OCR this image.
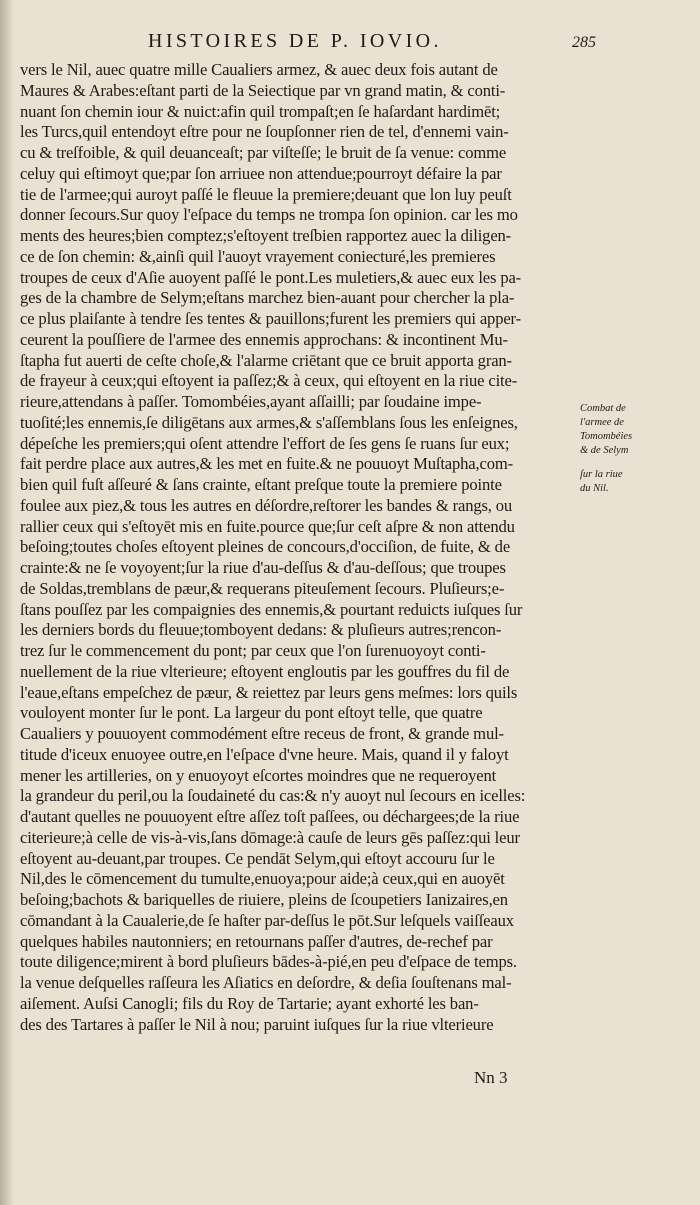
HISTOIRES DE P. IOVIO.	285
vers le Nil, auec quatre mille Caualiers armez, & auec deux fois autant de
Maures & Arabes:eſtant parti de la Seiectique par vn grand matin, & conti-
nuant ſon chemin iour & nuict:afin quil trompaſt;en ſe haſardant hardimēt;
les Turcs,quil entendoyt eſtre pour ne ſoupſonner rien de tel, d'ennemi vain-
cu & treſfoible, & quil deuanceaſt; par viſteſſe; le bruit de ſa venue: comme
celuy qui eſtimoyt que;par ſon arriuee non attendue;pourroyt défaire la par
tie de l'armee;qui auroyt paſſé le fleuue la premiere;deuant que lon luy peuſt
donner ſecours.Sur quoy l'eſpace du temps ne trompa ſon opinion. car les mo
ments des heures;bien comptez;s'eſtoyent treſbien rapportez auec la diligen-
ce de ſon chemin: &,ainſi quil l'auoyt vrayement coniecturé,les premieres
troupes de ceux d'Aſie auoyent paſſé le pont.Les muletiers,& auec eux les pa-
ges de la chambre de Selym;eſtans marchez bien-auant pour chercher la pla-
ce plus plaiſante à tendre ſes tentes & pauillons;furent les premiers qui apper-
ceurent la pouſſiere de l'armee des ennemis approchans: & incontinent Mu-
ſtapha fut auerti de ceſte choſe,& l'alarme criētant que ce bruit apporta gran-
de frayeur à ceux;qui eſtoyent ia paſſez;& à ceux, qui eſtoyent en la riue cite-
rieure,attendans à paſſer. Tomombéies,ayant aſſailli; par ſoudaine impe-
tuoſité;les ennemis,ſe diligētans aux armes,& s'aſſemblans ſous les enſeignes,
dépeſche les premiers;qui oſent attendre l'effort de ſes gens ſe ruans ſur eux;
fait perdre place aux autres,& les met en fuite.& ne pouuoyt Muſtapha,com-
bien quil fuſt aſſeuré & ſans crainte, eſtant preſque toute la premiere pointe
foulee aux piez,& tous les autres en déſordre,reſtorer les bandes & rangs, ou
rallier ceux qui s'eſtoyēt mis en fuite.pource que;ſur ceſt aſpre & non attendu
beſoing;toutes choſes eſtoyent pleines de concours,d'occiſion, de fuite, & de
crainte:& ne ſe voyoyent;ſur la riue d'au-deſſus & d'au-deſſous; que troupes
de Soldas,tremblans de pæur,& requerans piteuſement ſecours. Pluſieurs;e-
ſtans pouſſez par les compaignies des ennemis,& pourtant reduicts iuſques ſur
les derniers bords du fleuue;tomboyent dedans: & pluſieurs autres;rencon-
trez ſur le commencement du pont; par ceux que l'on ſurenuoyoyt conti-
nuellement de la riue vlterieure; eſtoyent engloutis par les gouffres du fil de
l'eaue,eſtans empeſchez de pæur, & reiettez par leurs gens meſmes: lors quils
vouloyent monter ſur le pont. La largeur du pont eſtoyt telle, que quatre
Caualiers y pouuoyent commodément eſtre receus de front, & grande mul-
titude d'iceux enuoyee outre,en l'eſpace d'vne heure. Mais, quand il y faloyt
mener les artilleries, on y enuoyoyt eſcortes moindres que ne requeroyent
la grandeur du peril,ou la ſoudaineté du cas:& n'y auoyt nul ſecours en icelles:
d'autant quelles ne pouuoyent eſtre aſſez toſt paſſees, ou déchargees;de la riue
citerieure;à celle de vis-à-vis,ſans dōmage:à cauſe de leurs gēs paſſez:qui leur
eſtoyent au-deuant,par troupes. Ce pendāt Selym,qui eſtoyt accouru ſur le
Nil,des le cōmencement du tumulte,enuoya;pour aide;à ceux,qui en auoyēt
beſoing;bachots & bariquelles de riuiere, pleins de ſcoupetiers Ianizaires,en
cōmandant à la Caualerie,de ſe haſter par-deſſus le pōt.Sur leſquels vaiſſeaux
quelques habiles nautonniers; en retournans paſſer d'autres, de-rechef par
toute diligence;mirent à bord pluſieurs bādes-à-pié,en peu d'eſpace de temps.
la venue deſquelles raſſeura les Aſiatics en deſordre, & deſia ſouſtenans mal-
aiſement. Auſsi Canogli; fils du Roy de Tartarie; ayant exhorté les ban-
des des Tartares à paſſer le Nil à nou; paruint iuſques ſur la riue vlterieure
Combat de
l'armee de
Tomombéies
& de Selym
ſur la riue
du Nil.
Nn 3
